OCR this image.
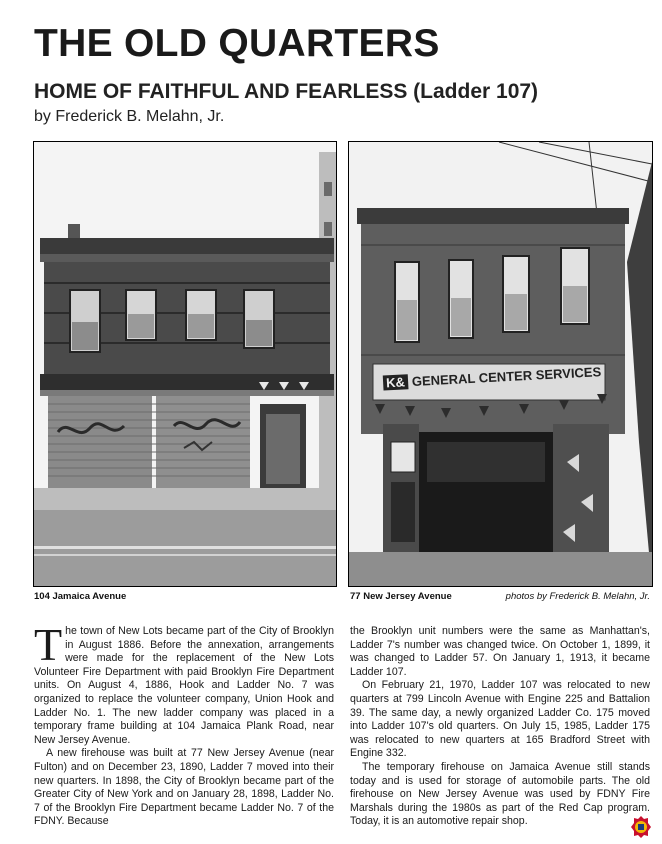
THE OLD QUARTERS
HOME OF FAITHFUL AND FEARLESS (Ladder 107)
by Frederick B. Melahn, Jr.
K& GENERAL CENTER SERVICES
104 Jamaica Avenue	77 New Jersey Avenue	photos by Frederick B. Melahn, Jr.

The town of New Lots became part of the City of Brooklyn in August 1886. Before the annexation, arrangements were made for the replacement of the New Lots Volunteer Fire Department with paid Brooklyn Fire Department units. On August 4, 1886, Hook and Ladder No. 7 was organized to replace the volunteer company, Union Hook and Ladder No. 1. The new ladder company was placed in a temporary frame building at 104 Jamaica Plank Road, near New Jersey Avenue.

A new firehouse was built at 77 New Jersey Avenue (near Fulton) and on December 23, 1890, Ladder 7 moved into their new quarters. In 1898, the City of Brooklyn became part of the Greater City of New York and on January 28, 1898, Ladder No. 7 of the Brooklyn Fire Department became Ladder No. 7 of the FDNY. Because

the Brooklyn unit numbers were the same as Manhattan's, Ladder 7's number was changed twice. On October 1, 1899, it was changed to Ladder 57. On January 1, 1913, it became Ladder 107.

On February 21, 1970, Ladder 107 was relocated to new quarters at 799 Lincoln Avenue with Engine 225 and Battalion 39. The same day, a newly organized Ladder Co. 175 moved into Ladder 107's old quarters. On July 15, 1985, Ladder 175 was relocated to new quarters at 165 Bradford Street with Engine 332.

The temporary firehouse on Jamaica Avenue still stands today and is used for storage of automobile parts. The old firehouse on New Jersey Avenue was used by FDNY Fire Marshals during the 1980s as part of the Red Cap program. Today, it is an automotive repair shop.
